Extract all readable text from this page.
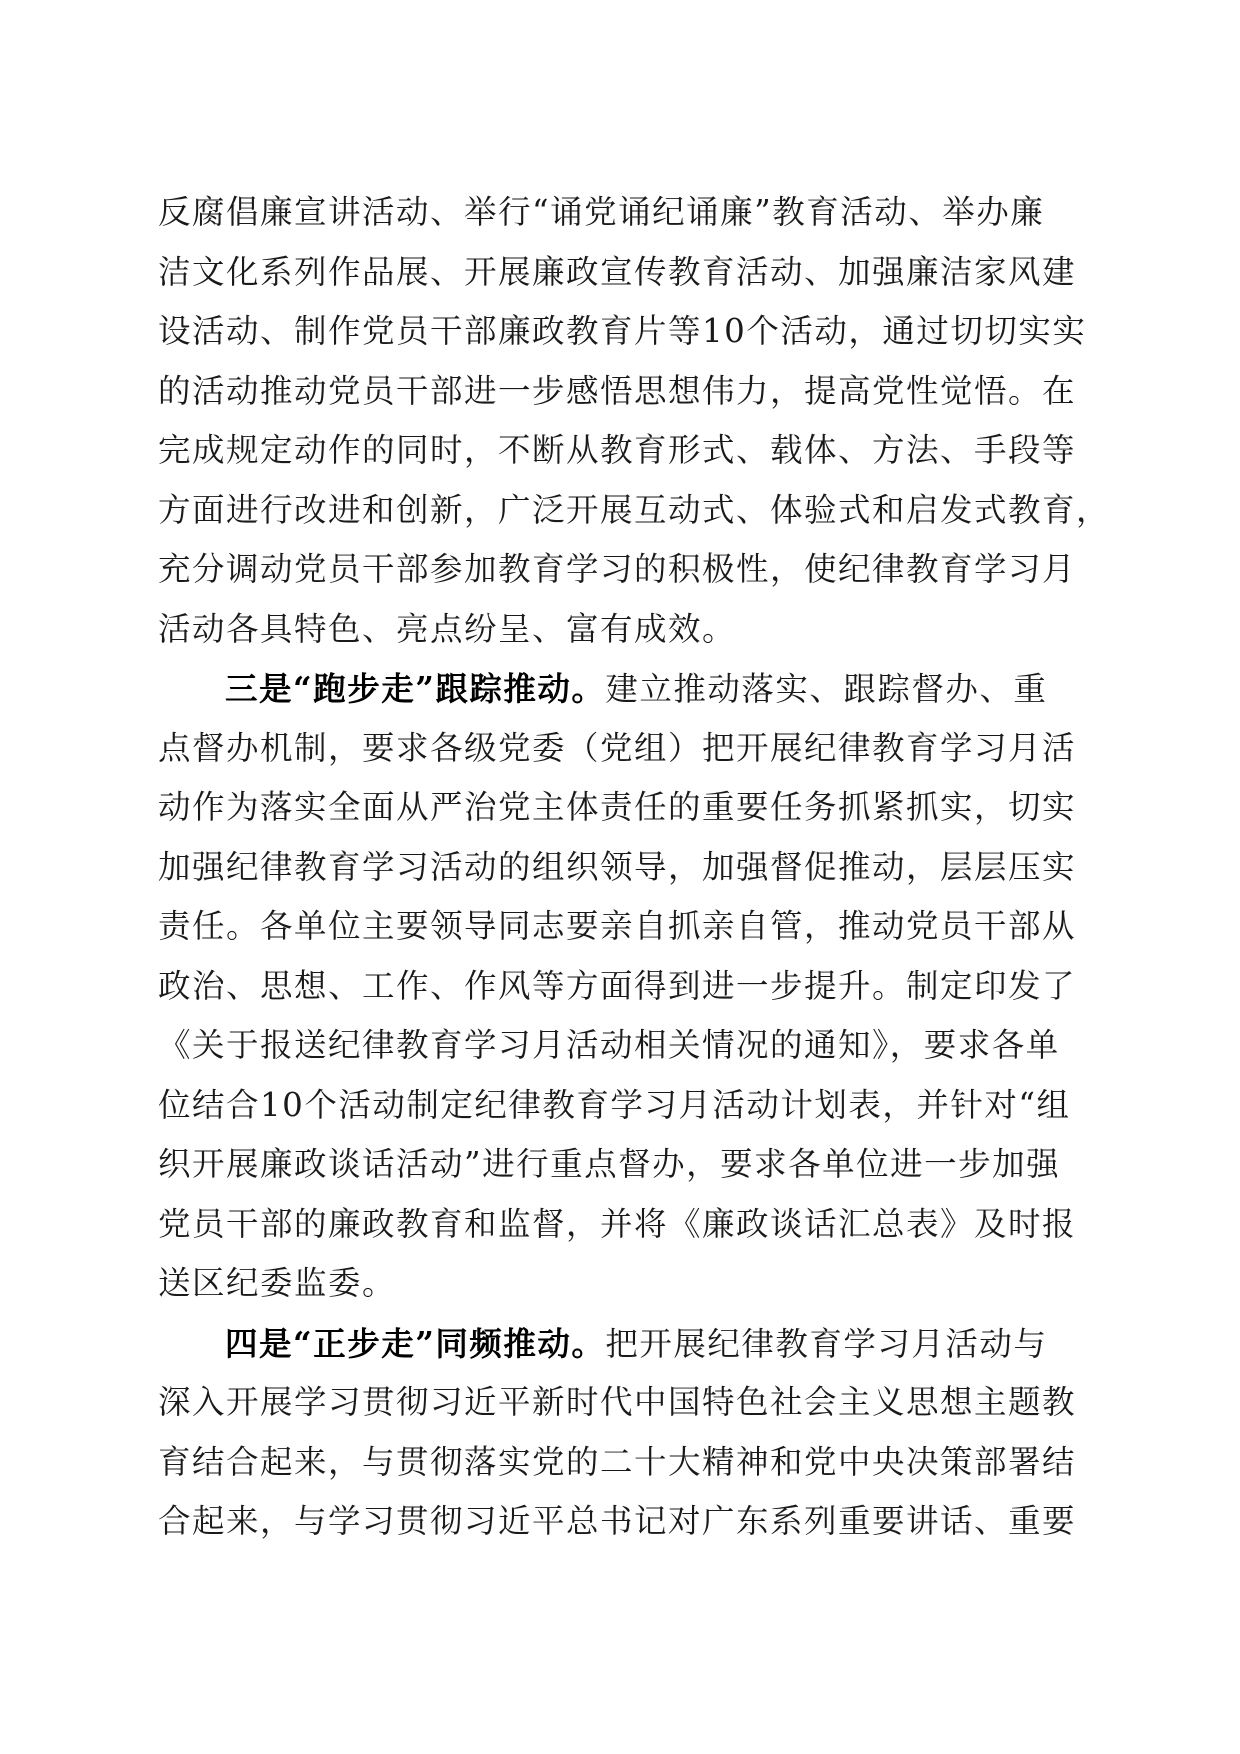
反腐倡廉宣讲活动、举行“诵党诵纪诵廉”教育活动、举办廉
洁文化系列作品展、开展廉政宣传教育活动、加强廉洁家风建
设活动、制作党员干部廉政教育片等10个活动，通过切切实实
的活动推动党员干部进一步感悟思想伟力，提高党性觉悟。在
完成规定动作的同时，不断从教育形式、载体、方法、手段等
方面进行改进和创新，广泛开展互动式、体验式和启发式教育，
充分调动党员干部参加教育学习的积极性，使纪律教育学习月
活动各具特色、亮点纷呈、富有成效。
三是“跑步走”跟踪推动。建立推动落实、跟踪督办、重
点督办机制，要求各级党委（党组）把开展纪律教育学习月活
动作为落实全面从严治党主体责任的重要任务抓紧抓实，切实
加强纪律教育学习活动的组织领导，加强督促推动，层层压实
责任。各单位主要领导同志要亲自抓亲自管，推动党员干部从
政治、思想、工作、作风等方面得到进一步提升。制定印发了
《关于报送纪律教育学习月活动相关情况的通知》，要求各单
位结合10个活动制定纪律教育学习月活动计划表，并针对“组
织开展廉政谈话活动”进行重点督办，要求各单位进一步加强
党员干部的廉政教育和监督，并将《廉政谈话汇总表》及时报
送区纪委监委。
四是“正步走”同频推动。把开展纪律教育学习月活动与
深入开展学习贯彻习近平新时代中国特色社会主义思想主题教
育结合起来，与贯彻落实党的二十大精神和党中央决策部署结
合起来，与学习贯彻习近平总书记对广东系列重要讲话、重要
